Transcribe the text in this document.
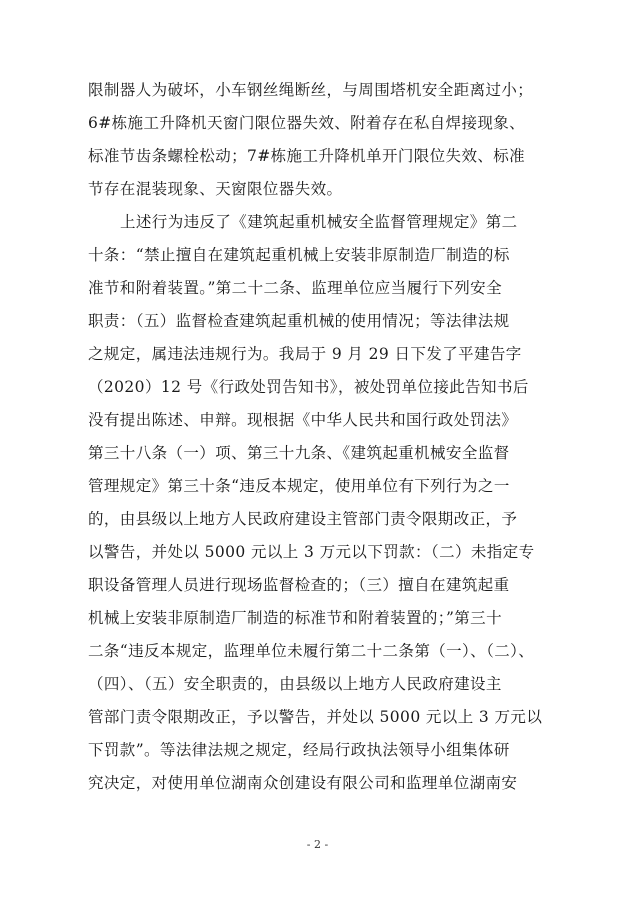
限制器人为破坏，小车钢丝绳断丝，与周围塔机安全距离过小；
6#栋施工升降机天窗门限位器失效、附着存在私自焊接现象、
标准节齿条螺栓松动；7#栋施工升降机单开门限位失效、标准
节存在混装现象、天窗限位器失效。
上述行为违反了《建筑起重机械安全监督管理规定》第二
十条：“禁止擅自在建筑起重机械上安装非原制造厂制造的标
准节和附着装置。”第二十二条、监理单位应当履行下列安全
职责：（五）监督检查建筑起重机械的使用情况；等法律法规
之规定，属违法违规行为。我局于 9 月 29 日下发了平建告字
（2020）12 号《行政处罚告知书》，被处罚单位接此告知书后
没有提出陈述、申辩。现根据《中华人民共和国行政处罚法》
第三十八条（一）项、第三十九条、《建筑起重机械安全监督
管理规定》第三十条“违反本规定，使用单位有下列行为之一
的，由县级以上地方人民政府建设主管部门责令限期改正，予
以警告，并处以 5000 元以上 3 万元以下罚款：（二）未指定专
职设备管理人员进行现场监督检查的；（三）擅自在建筑起重
机械上安装非原制造厂制造的标准节和附着装置的；”第三十
二条“违反本规定，监理单位未履行第二十二条第（一）、（二）、
（四）、（五）安全职责的，由县级以上地方人民政府建设主
管部门责令限期改正，予以警告，并处以 5000 元以上 3 万元以
下罚款”。等法律法规之规定，经局行政执法领导小组集体研
究决定，对使用单位湖南众创建设有限公司和监理单位湖南安
- 2 -
